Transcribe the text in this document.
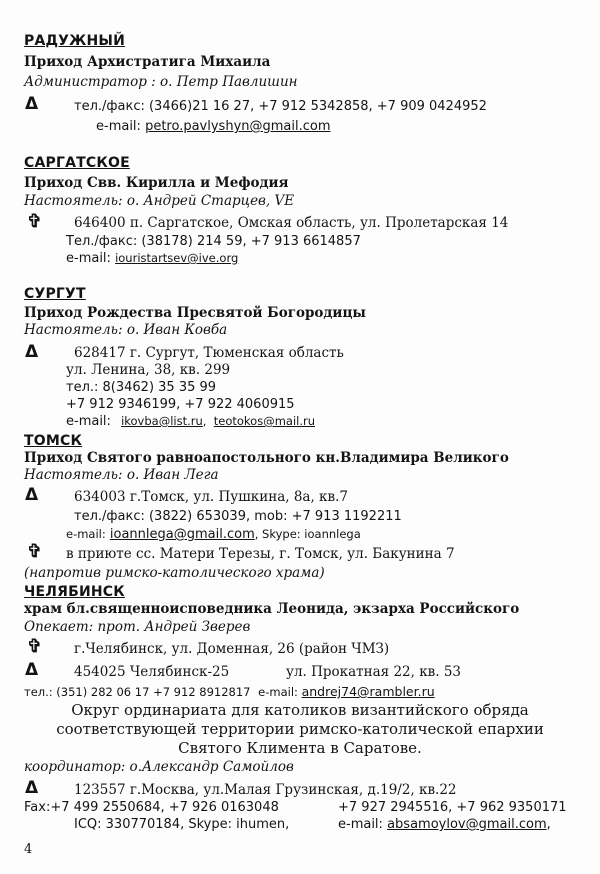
РАДУЖНЫЙ
Приход Архистратига Михаила
Администратор : о. Петр Павлишин
Δ	тел./факс: (3466)21 16 27, +7 912 5342858, +7 909 0424952
e-mail: petro.pavlyshyn@gmail.com
САРГАТСКОЕ
Приход Свв. Кирилла и Мефодия
Настоятель: о. Андрей Старцев, VE
✞ 646400 п. Саргатское, Омская область, ул. Пролетарская 14
Тел./факс: (38178) 214 59, +7 913 6614857
e-mail: iouristartsev@ive.org
СУРГУТ
Приход Рождества Пресвятой Богородицы
Настоятель: о. Иван Ковба
Δ	628417 г. Сургут, Тюменская область
ул. Ленина, 38, кв. 299
тел.: 8(3462) 35 35 99
+7 912 9346199, +7 922 4060915
e-mail: ikovba@list.ru,  teotokos@mail.ru
ТОМСК
Приход Святого равноапостольного кн.Владимира Великого
Настоятель: о. Иван Лега
Δ	634003 г.Томск, ул. Пушкина, 8а, кв.7
тел./факс: (3822) 653039, mob: +7 913 1192211
e-mail: ioannlega@gmail.com, Skype: ioannlega
✞ в приюте сс. Матери Терезы, г. Томск, ул. Бакунина 7
(напротив римско-католического храма)
ЧЕЛЯБИНСК
храм бл.священноисповедника Леонида, экзарха Российского
Опекает: прот. Андрей Зверев
✞ г.Челябинск, ул. Доменная, 26 (район ЧМЗ)
Δ	454025 Челябинск-25	ул. Прокатная 22, кв. 53
тел.: (351) 282 06 17 +7 912 8912817 e-mail: andrej74@rambler.ru
Округ ординариата для католиков византийского обряда
соответствующей территории римско-католической епархии
Святого Климента в Саратове.
координатор: о.Александр Самойлов
Δ	123557 г.Москва, ул.Малая Грузинская, д.19/2, кв.22
Fax:+7 499 2550684, +7 926 0163048	+7 927 2945516, +7 962 9350171
ICQ: 330770184, Skype: ihumen,	e-mail: absamoylov@gmail.com,
4
